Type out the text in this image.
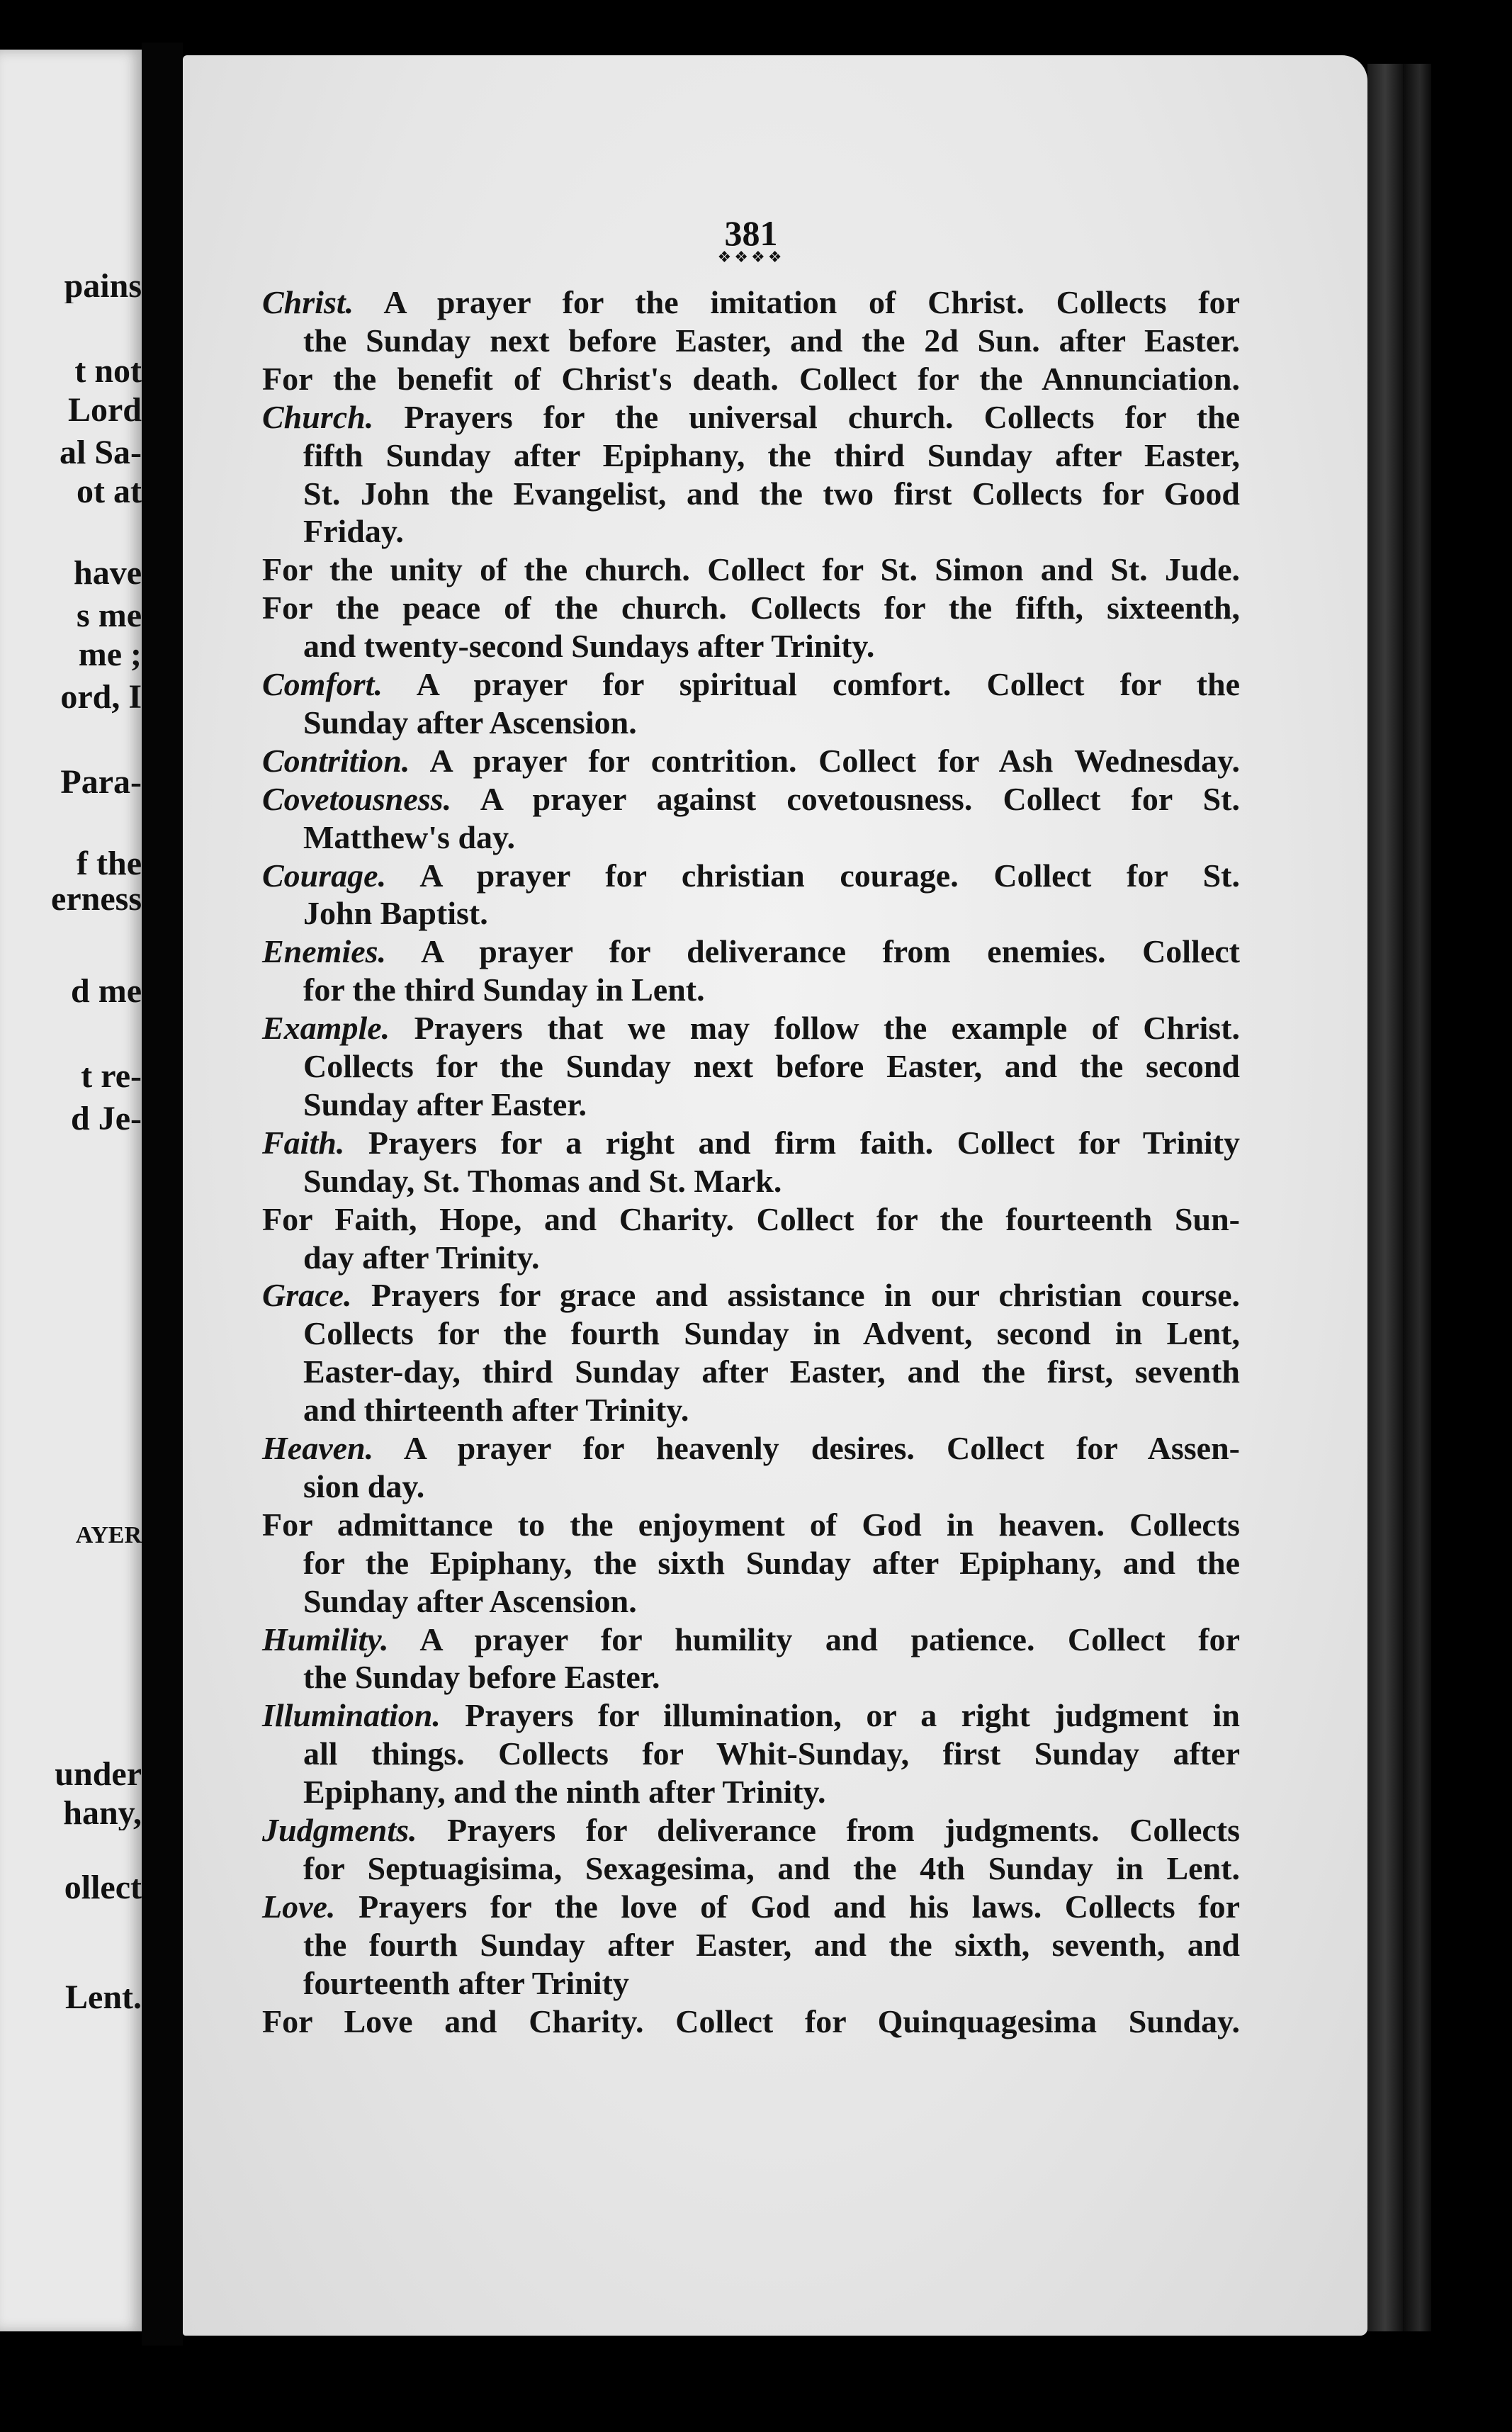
pains
t not
Lord
al Sa-
ot at
have
s me
me ;
ord, I
Para-
f the
erness
d me
t re-
d Je-
AYER
under
hany,
ollect
Lent.
381
❖❖❖❖
Christ. A prayer for the imitation of Christ. Collects for
the Sunday next before Easter, and the 2d Sun. after Easter.
For the benefit of Christ's death. Collect for the Annunciation.
Church. Prayers for the universal church. Collects for the
fifth Sunday after Epiphany, the third Sunday after Easter,
St. John the Evangelist, and the two first Collects for Good
Friday.
For the unity of the church. Collect for St. Simon and St. Jude.
For the peace of the church. Collects for the fifth, sixteenth,
and twenty-second Sundays after Trinity.
Comfort. A prayer for spiritual comfort. Collect for the
Sunday after Ascension.
Contrition. A prayer for contrition. Collect for Ash Wednesday.
Covetousness. A prayer against covetousness. Collect for St.
Matthew's day.
Courage. A prayer for christian courage. Collect for St.
John Baptist.
Enemies. A prayer for deliverance from enemies. Collect
for the third Sunday in Lent.
Example. Prayers that we may follow the example of Christ.
Collects for the Sunday next before Easter, and the second
Sunday after Easter.
Faith. Prayers for a right and firm faith. Collect for Trinity
Sunday, St. Thomas and St. Mark.
For Faith, Hope, and Charity. Collect for the fourteenth Sun-
day after Trinity.
Grace. Prayers for grace and assistance in our christian course.
Collects for the fourth Sunday in Advent, second in Lent,
Easter-day, third Sunday after Easter, and the first, seventh
and thirteenth after Trinity.
Heaven. A prayer for heavenly desires. Collect for Assen-
sion day.
For admittance to the enjoyment of God in heaven. Collects
for the Epiphany, the sixth Sunday after Epiphany, and the
Sunday after Ascension.
Humility. A prayer for humility and patience. Collect for
the Sunday before Easter.
Illumination. Prayers for illumination, or a right judgment in
all things. Collects for Whit-Sunday, first Sunday after
Epiphany, and the ninth after Trinity.
Judgments. Prayers for deliverance from judgments. Collects
for Septuagisima, Sexagesima, and the 4th Sunday in Lent.
Love. Prayers for the love of God and his laws. Collects for
the fourth Sunday after Easter, and the sixth, seventh, and
fourteenth after Trinity
For Love and Charity. Collect for Quinquagesima Sunday.
